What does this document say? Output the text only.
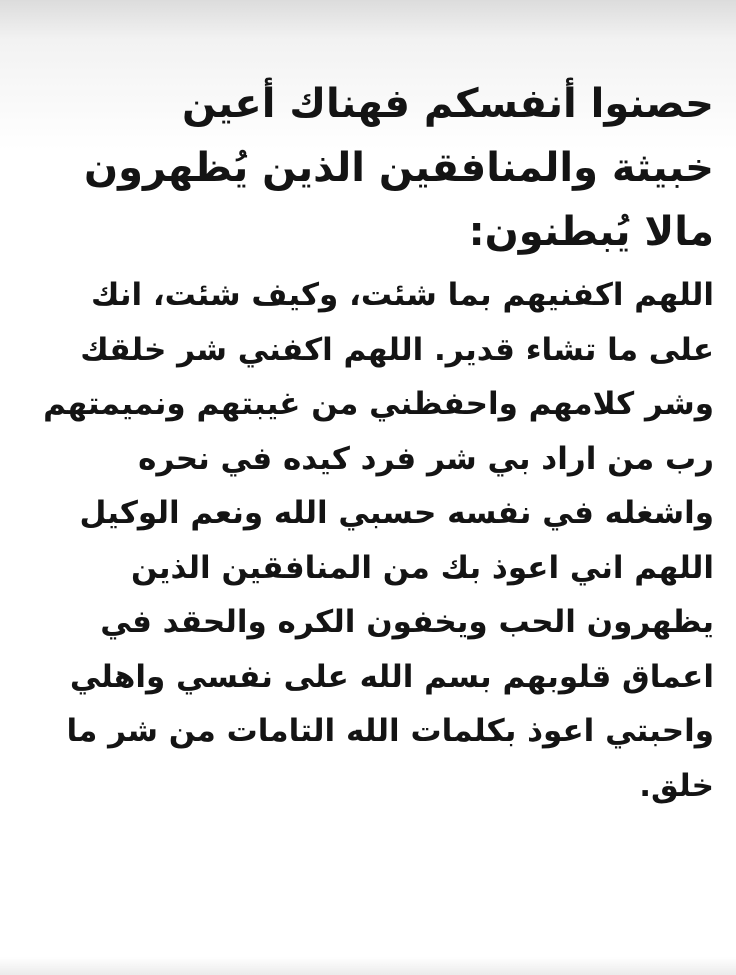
حصنوا أنفسكم فهناك أعين
خبيثة والمنافقين الذين يُظهرون
مالا يُبطنون:
اللهم اكفنيهم بما شئت، وكيف شئت، انك
على ما تشاء قدير. اللهم اكفني شر خلقك
وشر كلامهم واحفظني من غيبتهم ونميمتهم
رب من اراد بي شر فرد كيده في نحره
واشغله في نفسه حسبي الله ونعم الوكيل
اللهم اني اعوذ بك من المنافقين الذين
يظهرون الحب ويخفون الكره والحقد في
اعماق قلوبهم بسم الله على نفسي واهلي
واحبتي اعوذ بكلمات الله التامات من شر ما
خلق.
